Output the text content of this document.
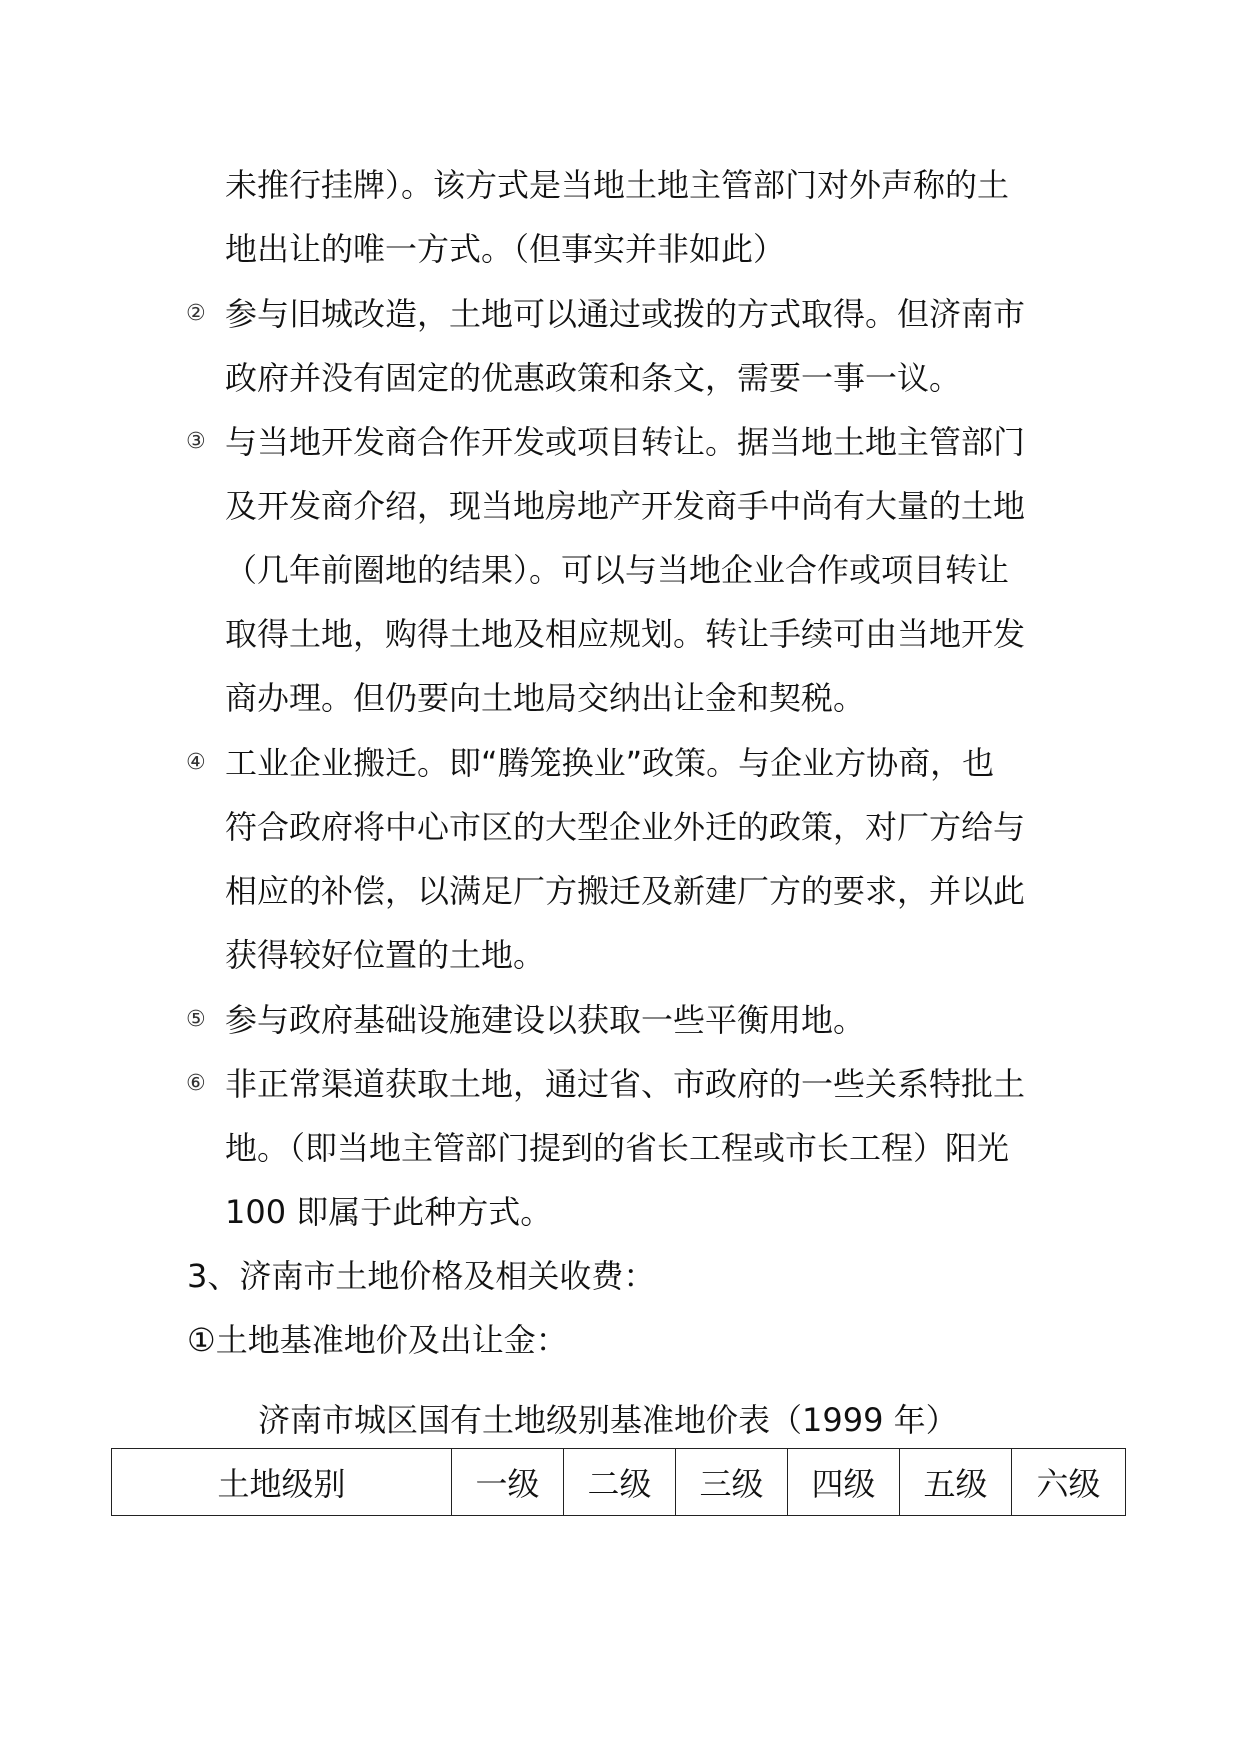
未推行挂牌）。该方式是当地土地主管部门对外声称的土
地出让的唯一方式。（但事实并非如此）
② 参与旧城改造，土地可以通过或拨的方式取得。但济南市
政府并没有固定的优惠政策和条文，需要一事一议。
③ 与当地开发商合作开发或项目转让。据当地土地主管部门
及开发商介绍，现当地房地产开发商手中尚有大量的土地
（几年前圈地的结果）。可以与当地企业合作或项目转让
取得土地，购得土地及相应规划。转让手续可由当地开发
商办理。但仍要向土地局交纳出让金和契税。
④ 工业企业搬迁。即“腾笼换业”政策。与企业方协商，也
符合政府将中心市区的大型企业外迁的政策，对厂方给与
相应的补偿，以满足厂方搬迁及新建厂方的要求，并以此
获得较好位置的土地。
⑤ 参与政府基础设施建设以获取一些平衡用地。
⑥ 非正常渠道获取土地，通过省、市政府的一些关系特批土
地。（即当地主管部门提到的省长工程或市长工程）阳光
100 即属于此种方式。
3、济南市土地价格及相关收费：
①土地基准地价及出让金：
济南市城区国有土地级别基准地价表（1999 年）
土地级别	一级	二级	三级	四级	五级	六级
